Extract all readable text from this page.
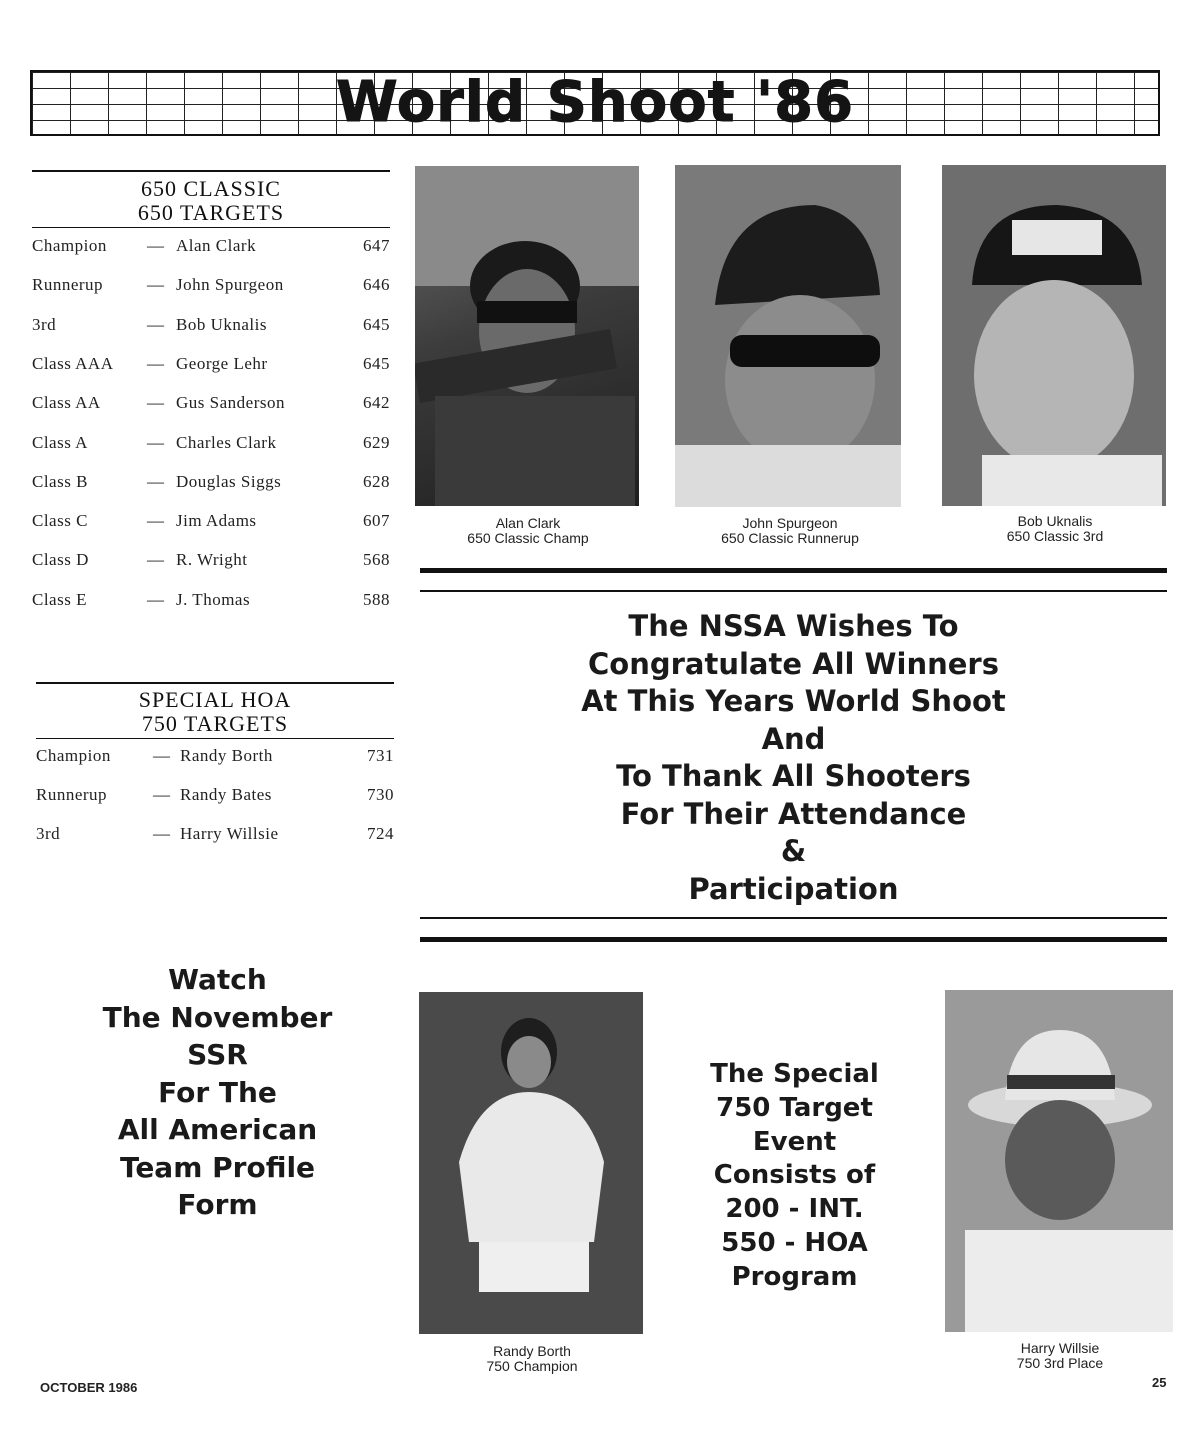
World Shoot '86
650 CLASSIC
650 TARGETS
Champion — Alan Clark	647
Runnerup	— John Spurgeon	646
3rd	— Bob Uknalis	645
Class AAA — George Lehr	645
Class AA	— Gus Sanderson	642
Class A	— Charles Clark	629
Class B	— Douglas Siggs	628
Class C	— Jim Adams	607
Class D	— R. Wright	568
Class E	— J. Thomas	588
SPECIAL HOA
750 TARGETS
Champion — Randy Borth	731
Runnerup	— Randy Bates	730
3rd	— Harry Willsie	724
Alan Clark
650 Classic Champ
John Spurgeon
650 Classic Runnerup
Bob Uknalis
650 Classic 3rd
The NSSA Wishes To
Congratulate All Winners
At This Years World Shoot
And
To Thank All Shooters
For Their Attendance
&
Participation
Watch
The November
SSR
For The
All American
Team Profile
Form
Randy Borth
750 Champion
The Special
750 Target
Event
Consists of
200 - INT.
550 - HOA
Program
Harry Willsie
750 3rd Place
OCTOBER 1986	25
